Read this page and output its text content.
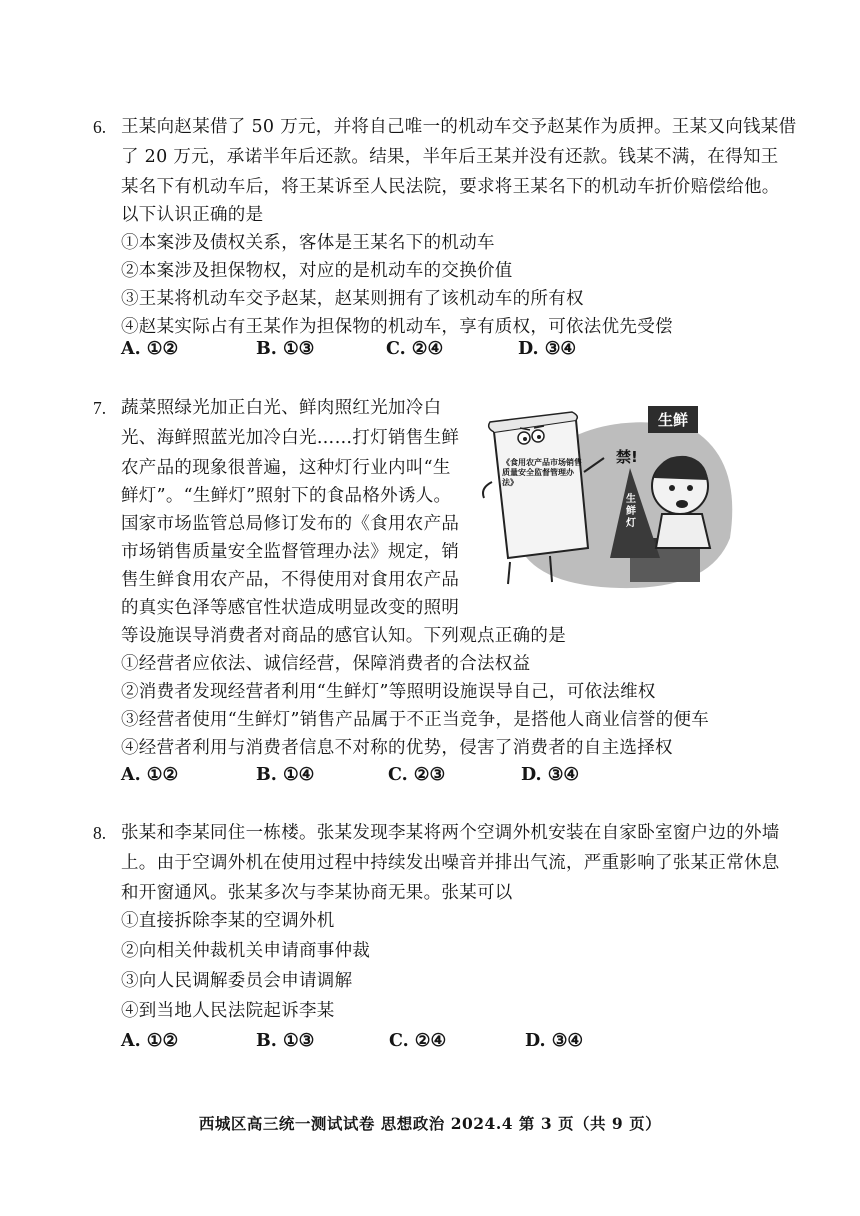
6. 王某向赵某借了 50 万元，并将自己唯一的机动车交予赵某作为质押。王某又向钱某借
了 20 万元，承诺半年后还款。结果，半年后王某并没有还款。钱某不满，在得知王
某名下有机动车后，将王某诉至人民法院，要求将王某名下的机动车折价赔偿给他。
以下认识正确的是
①本案涉及债权关系，客体是王某名下的机动车
②本案涉及担保物权，对应的是机动车的交换价值
③王某将机动车交予赵某，赵某则拥有了该机动车的所有权
④赵某实际占有王某作为担保物的机动车，享有质权，可依法优先受偿
A. ①②	B. ①③	C. ②④	D. ③④
7. 蔬菜照绿光加正白光、鲜肉照红光加冷白
光、海鲜照蓝光加冷白光……打灯销售生鲜
农产品的现象很普遍，这种灯行业内叫“生
鲜灯”。“生鲜灯”照射下的食品格外诱人。
国家市场监管总局修订发布的《食用农产品
市场销售质量安全监督管理办法》规定，销
售生鲜食用农产品，不得使用对食用农产品
的真实色泽等感官性状造成明显改变的照明
等设施误导消费者对商品的感官认知。下列观点正确的是
①经营者应依法、诚信经营，保障消费者的合法权益
②消费者发现经营者利用“生鲜灯”等照明设施误导自己，可依法维权
③经营者使用“生鲜灯”销售产品属于不正当竞争，是搭他人商业信誉的便车
④经营者利用与消费者信息不对称的优势，侵害了消费者的自主选择权
A. ①②	B. ①④	C. ②③	D. ③④
生鲜
《食用农产品市场销售质量安全监督管理办法》
禁!
生鲜灯
8. 张某和李某同住一栋楼。张某发现李某将两个空调外机安装在自家卧室窗户边的外墙
上。由于空调外机在使用过程中持续发出噪音并排出气流，严重影响了张某正常休息
和开窗通风。张某多次与李某协商无果。张某可以
①直接拆除李某的空调外机
②向相关仲裁机关申请商事仲裁
③向人民调解委员会申请调解
④到当地人民法院起诉李某
A. ①②	B. ①③	C. ②④	D. ③④
西城区高三统一测试试卷 思想政治 2024.4 第 3 页（共 9 页）
